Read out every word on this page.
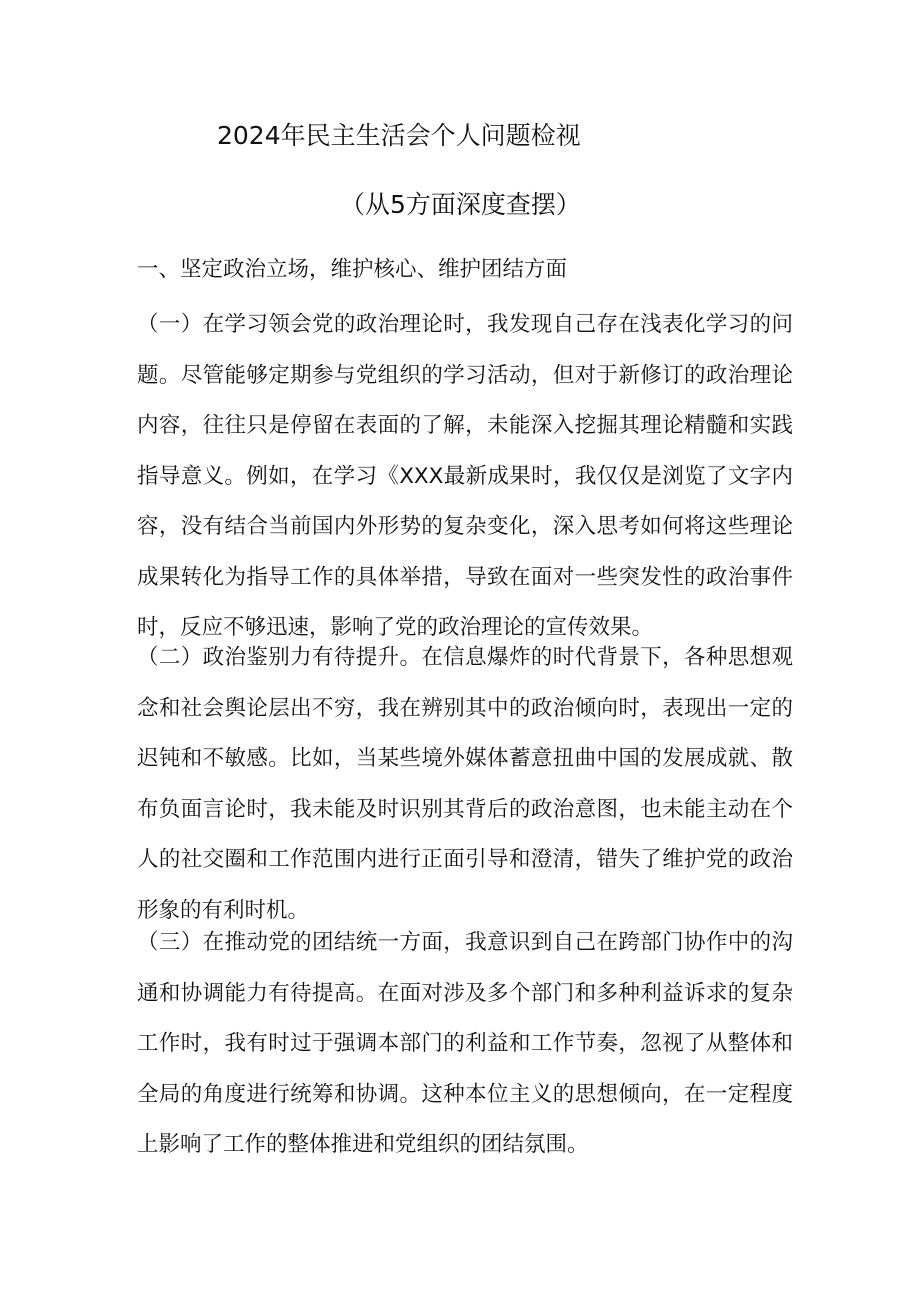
2024年民主生活会个人问题检视
（从5方面深度查摆）
一、坚定政治立场，维护核心、维护团结方面

（一）在学习领会党的政治理论时，我发现自己存在浅表化学习的问题。尽管能够定期参与党组织的学习活动，但对于新修订的政治理论内容，往往只是停留在表面的了解，未能深入挖掘其理论精髓和实践指导意义。例如，在学习《XXX最新成果时，我仅仅是浏览了文字内容，没有结合当前国内外形势的复杂变化，深入思考如何将这些理论成果转化为指导工作的具体举措，导致在面对一些突发性的政治事件时，反应不够迅速，影响了党的政治理论的宣传效果。

（二）政治鉴别力有待提升。在信息爆炸的时代背景下，各种思想观念和社会舆论层出不穷，我在辨别其中的政治倾向时，表现出一定的迟钝和不敏感。比如，当某些境外媒体蓄意扭曲中国的发展成就、散布负面言论时，我未能及时识别其背后的政治意图，也未能主动在个人的社交圈和工作范围内进行正面引导和澄清，错失了维护党的政治形象的有利时机。

（三）在推动党的团结统一方面，我意识到自己在跨部门协作中的沟通和协调能力有待提高。在面对涉及多个部门和多种利益诉求的复杂工作时，我有时过于强调本部门的利益和工作节奏，忽视了从整体和全局的角度进行统筹和协调。这种本位主义的思想倾向，在一定程度上影响了工作的整体推进和党组织的团结氛围。
